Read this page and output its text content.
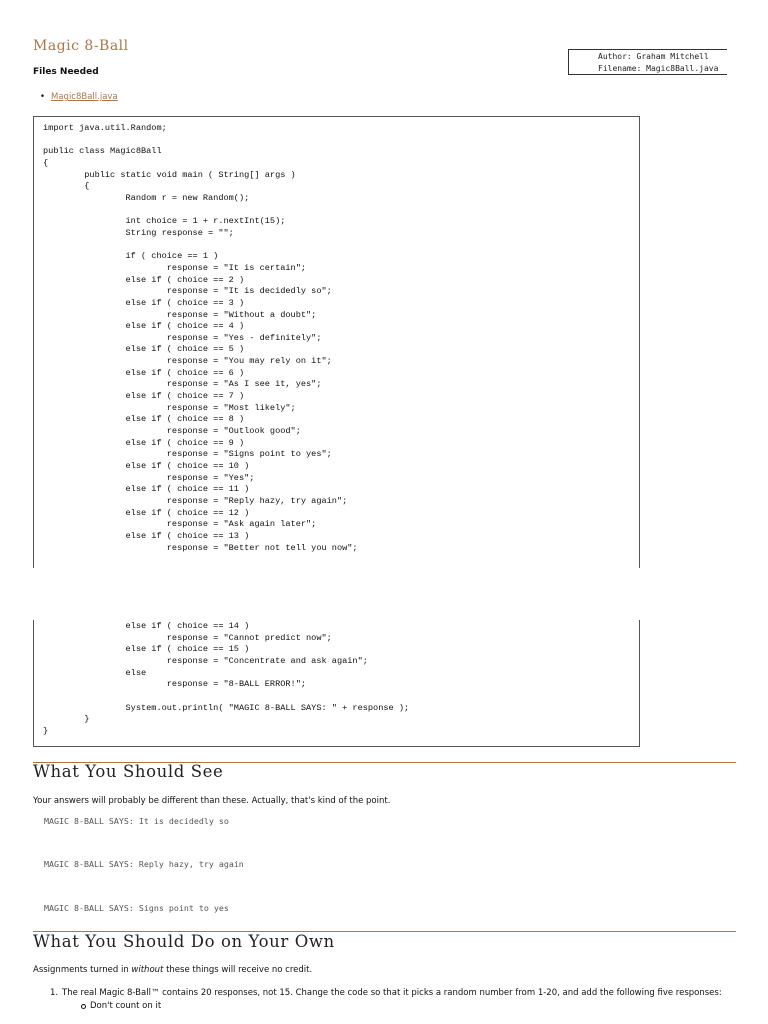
Magic 8-Ball
Author: Graham Mitchell
Filename: Magic8Ball.java
Files Needed
• Magic8Ball.java
import java.util.Random;

public class Magic8Ball
{
public static void main ( String[] args )
{
Random r = new Random();

int choice = 1 + r.nextInt(15);
String response = "";

if ( choice == 1 )
response = "It is certain";
else if ( choice == 2 )
response = "It is decidedly so";
else if ( choice == 3 )
response = "Without a doubt";
else if ( choice == 4 )
response = "Yes - definitely";
else if ( choice == 5 )
response = "You may rely on it";
else if ( choice == 6 )
response = "As I see it, yes";
else if ( choice == 7 )
response = "Most likely";
else if ( choice == 8 )
response = "Outlook good";
else if ( choice == 9 )
response = "Signs point to yes";
else if ( choice == 10 )
response = "Yes";
else if ( choice == 11 )
response = "Reply hazy, try again";
else if ( choice == 12 )
response = "Ask again later";
else if ( choice == 13 )
response = "Better not tell you now";
else if ( choice == 14 )
response = "Cannot predict now";
else if ( choice == 15 )
response = "Concentrate and ask again";
else
response = "8-BALL ERROR!";

System.out.println( "MAGIC 8-BALL SAYS: " + response );
}
}
What You Should See

Your answers will probably be different than these. Actually, that's kind of the point.

MAGIC 8-BALL SAYS: It is decidedly so

MAGIC 8-BALL SAYS: Reply hazy, try again

MAGIC 8-BALL SAYS: Signs point to yes

What You Should Do on Your Own

Assignments turned in without these things will receive no credit.

1. The real Magic 8-Ball™ contains 20 responses, not 15. Change the code so that it picks a random number from 1-20, and add the following five responses:
Don't count on it
